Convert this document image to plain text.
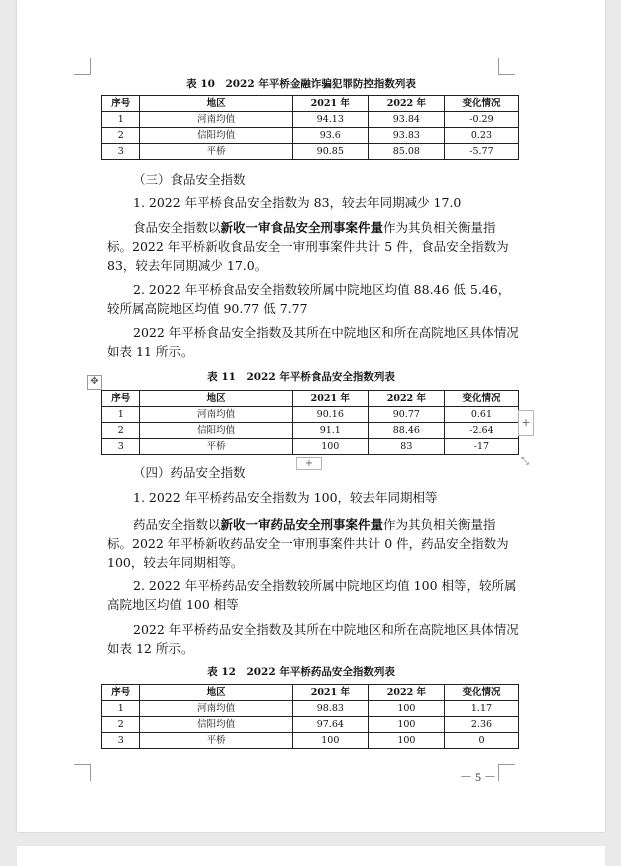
表 10　2022 年平桥金融诈骗犯罪防控指数列表
序号	地区	2021 年	2022 年	变化情况
1	河南均值	94.13	93.84	-0.29
2	信阳均值	93.6	93.83	0.23
3	平桥	90.85	85.08	-5.77
（三）食品安全指数
1. 2022 年平桥食品安全指数为 83，较去年同期减少 17.0
食品安全指数以新收一审食品安全刑事案件量作为其负相关衡量指标。2022 年平桥新收食品安全一审刑事案件共计 5 件，食品安全指数为 83，较去年同期减少 17.0。
2. 2022 年平桥食品安全指数较所属中院地区均值 88.46 低 5.46，较所属高院地区均值 90.77 低 7.77
2022 年平桥食品安全指数及其所在中院地区和所在高院地区具体情况如表 11 所示。
✥	表 11　2022 年平桥食品安全指数列表
序号	地区	2021 年	2022 年	变化情况
1	河南均值	90.16	90.77	0.61
2	信阳均值	91.1	88.46	-2.64
3	平桥	100	83	-17
+
+	⤡
（四）药品安全指数
1. 2022 年平桥药品安全指数为 100，较去年同期相等
药品安全指数以新收一审药品安全刑事案件量作为其负相关衡量指标。2022 年平桥新收药品安全一审刑事案件共计 0 件，药品安全指数为 100，较去年同期相等。
2. 2022 年平桥药品安全指数较所属中院地区均值 100 相等，较所属高院地区均值 100 相等
2022 年平桥药品安全指数及其所在中院地区和所在高院地区具体情况如表 12 所示。
表 12　2022 年平桥药品安全指数列表
序号	地区	2021 年	2022 年	变化情况
1	河南均值	98.83	100	1.17
2	信阳均值	97.64	100	2.36
3	平桥	100	100	0
－ 5 －
